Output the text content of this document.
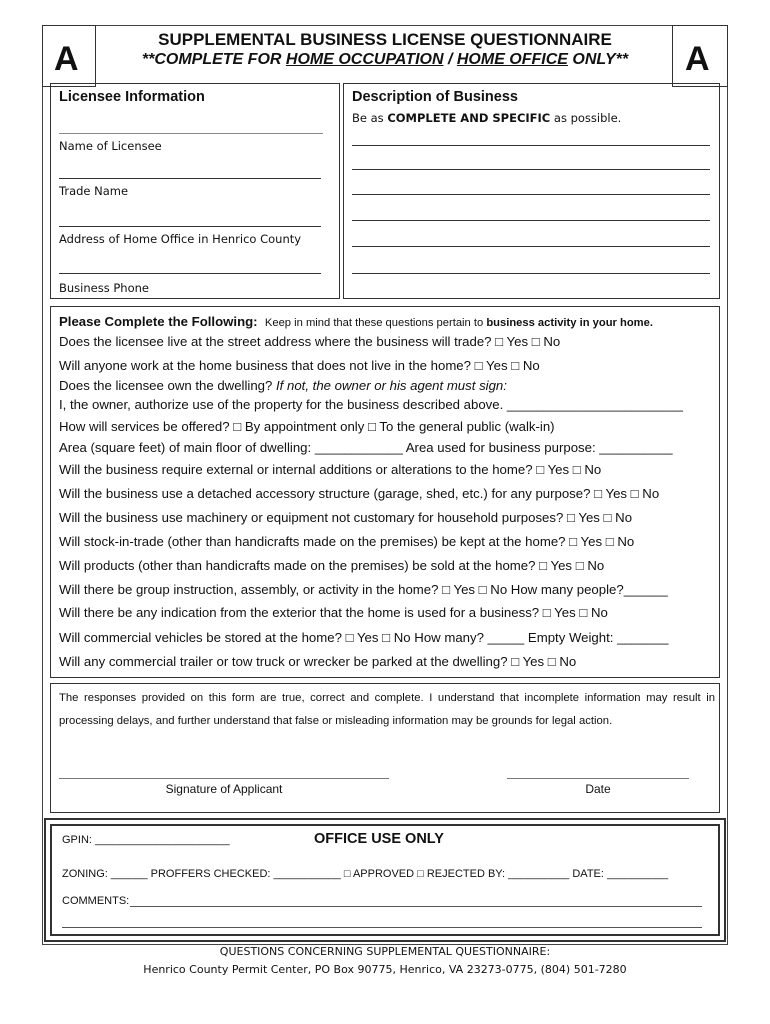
A	A
SUPPLEMENTAL BUSINESS LICENSE QUESTIONNAIRE
**COMPLETE FOR HOME OCCUPATION / HOME OFFICE ONLY**
Licensee Information
Name of Licensee
Trade Name
Address of Home Office in Henrico County
Business Phone
Description of Business
Be as COMPLETE AND SPECIFIC as possible.
Please Complete the Following: Keep in mind that these questions pertain to business activity in your home.
Does the licensee live at the street address where the business will trade? □ Yes □ No
Will anyone work at the home business that does not live in the home? □ Yes □ No
Does the licensee own the dwelling? If not, the owner or his agent must sign:
I, the owner, authorize use of the property for the business described above. ________________________
How will services be offered? □ By appointment only □ To the general public (walk-in)
Area (square feet) of main floor of dwelling: ____________ Area used for business purpose: __________
Will the business require external or internal additions or alterations to the home? □ Yes □ No
Will the business use a detached accessory structure (garage, shed, etc.) for any purpose? □ Yes □ No
Will the business use machinery or equipment not customary for household purposes? □ Yes □ No
Will stock-in-trade (other than handicrafts made on the premises) be kept at the home? □ Yes □ No
Will products (other than handicrafts made on the premises) be sold at the home? □ Yes □ No
Will there be group instruction, assembly, or activity in the home? □ Yes □ No How many people?______
Will there be any indication from the exterior that the home is used for a business? □ Yes □ No
Will commercial vehicles be stored at the home? □ Yes □ No How many? _____ Empty Weight: _______
Will any commercial trailer or tow truck or wrecker be parked at the dwelling? □ Yes □ No
The responses provided on this form are true, correct and complete. I understand that incomplete information may result in processing delays, and further understand that false or misleading information may be grounds for legal action.
Signature of Applicant	Date
GPIN: ______________________	OFFICE USE ONLY
ZONING: ______ PROFFERS CHECKED: ___________ □ APPROVED □ REJECTED BY: __________ DATE: __________
COMMENTS:
QUESTIONS CONCERNING SUPPLEMENTAL QUESTIONNAIRE:
Henrico County Permit Center, PO Box 90775, Henrico, VA 23273-0775, (804) 501-7280
